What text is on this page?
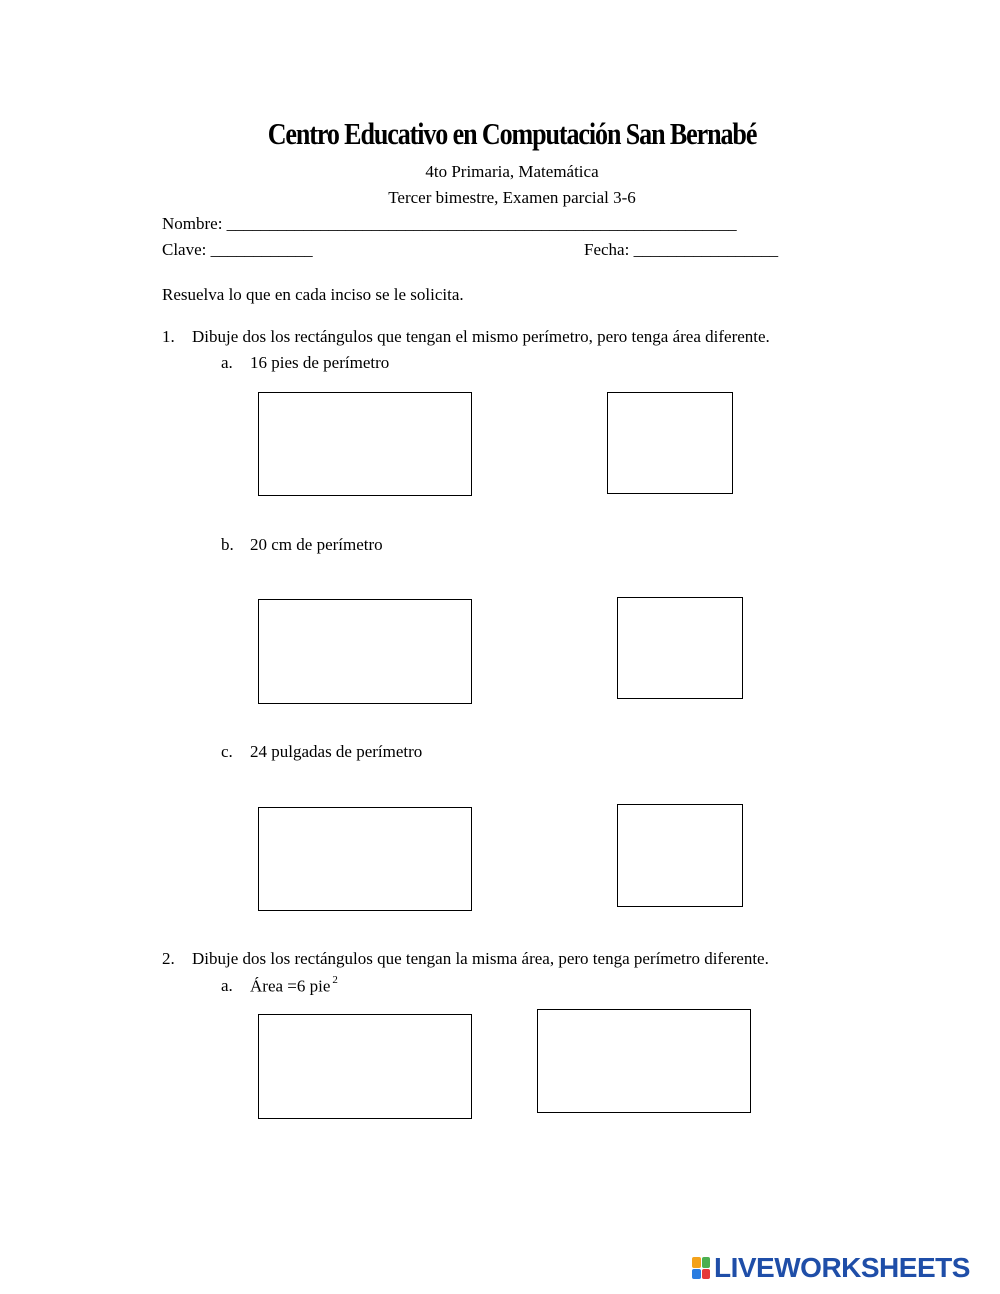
Centro Educativo en Computación San Bernabé
4to Primaria, Matemática
Tercer bimestre, Examen parcial 3-6
Nombre: ____________________________________________________________
Clave: ____________	Fecha: _________________
Resuelva lo que en cada inciso se le solicita.
1. Dibuje dos los rectángulos que tengan el mismo perímetro, pero tenga área diferente.
a. 16 pies de perímetro
b. 20 cm de perímetro
c. 24 pulgadas de perímetro
2. Dibuje dos los rectángulos que tengan la misma área, pero tenga perímetro diferente.
a. Área =6 pie $^2$
LIVEWORKSHEETS
